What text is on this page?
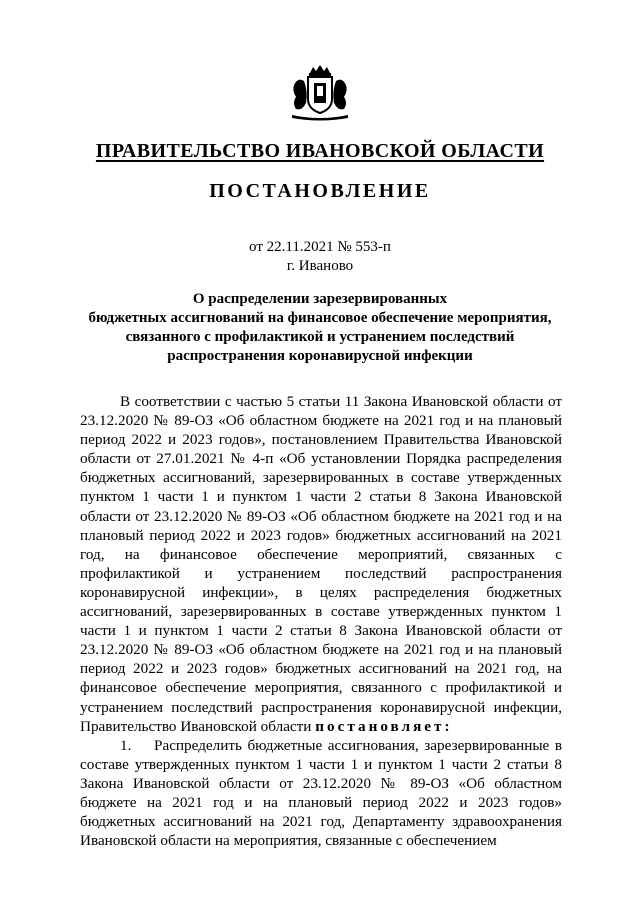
ПРАВИТЕЛЬСТВО ИВАНОВСКОЙ ОБЛАСТИ
ПОСТАНОВЛЕНИЕ
от 22.11.2021 № 553-п
г. Иваново
О распределении зарезервированных
бюджетных ассигнований на финансовое обеспечение мероприятия,
связанного с профилактикой и устранением последствий
распространения коронавирусной инфекции

В соответствии с частью 5 статьи 11 Закона Ивановской области от 23.12.2020 № 89-ОЗ «Об областном бюджете на 2021 год и на плановый период 2022 и 2023 годов», постановлением Правительства Ивановской области от 27.01.2021 № 4-п «Об установлении Порядка распределения бюджетных ассигнований, зарезервированных в составе утвержденных пунктом 1 части 1 и пунктом 1 части 2 статьи 8 Закона Ивановской области от 23.12.2020 № 89-ОЗ «Об областном бюджете на 2021 год и на плановый период 2022 и 2023 годов» бюджетных ассигнований на 2021 год, на финансовое обеспечение мероприятий, связанных с профилактикой и устранением последствий распространения коронавирусной инфекции», в целях распределения бюджетных ассигнований, зарезервированных в составе утвержденных пунктом 1 части 1 и пунктом 1 части 2 статьи 8 Закона Ивановской области от 23.12.2020 № 89-ОЗ «Об областном бюджете на 2021 год и на плановый период 2022 и 2023 годов» бюджетных ассигнований на 2021 год, на финансовое обеспечение мероприятия, связанного с профилактикой и устранением последствий распространения коронавирусной инфекции, Правительство Ивановской области постановляет:

1. Распределить бюджетные ассигнования, зарезервированные в составе утвержденных пунктом 1 части 1 и пунктом 1 части 2 статьи 8 Закона Ивановской области от 23.12.2020 № 89-ОЗ «Об областном бюджете на 2021 год и на плановый период 2022 и 2023 годов» бюджетных ассигнований на 2021 год, Департаменту здравоохранения Ивановской области на мероприятия, связанные с обеспечением
